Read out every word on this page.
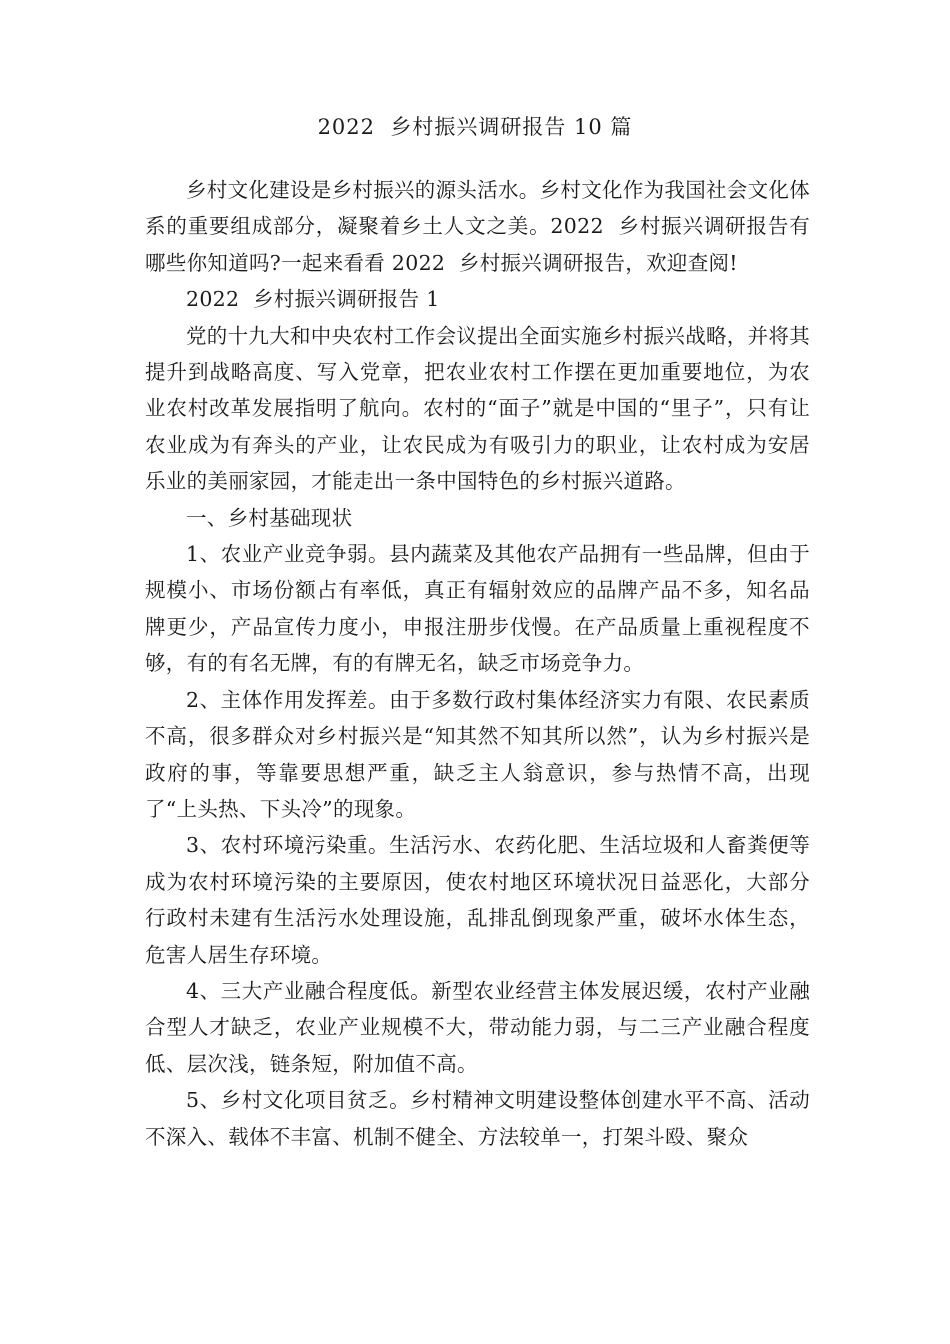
2022  乡村振兴调研报告 10 篇

乡村文化建设是乡村振兴的源头活水。乡村文化作为我国社会文化体系的重要组成部分，凝聚着乡土人文之美。2022  乡村振兴调研报告有哪些你知道吗?一起来看看 2022  乡村振兴调研报告，欢迎查阅!

2022  乡村振兴调研报告 1

党的十九大和中央农村工作会议提出全面实施乡村振兴战略，并将其提升到战略高度、写入党章，把农业农村工作摆在更加重要地位，为农业农村改革发展指明了航向。农村的“面子”就是中国的“里子”，只有让农业成为有奔头的产业，让农民成为有吸引力的职业，让农村成为安居乐业的美丽家园，才能走出一条中国特色的乡村振兴道路。

一、乡村基础现状

1、农业产业竞争弱。县内蔬菜及其他农产品拥有一些品牌，但由于规模小、市场份额占有率低，真正有辐射效应的品牌产品不多，知名品牌更少，产品宣传力度小，申报注册步伐慢。在产品质量上重视程度不够，有的有名无牌，有的有牌无名，缺乏市场竞争力。

2、主体作用发挥差。由于多数行政村集体经济实力有限、农民素质不高，很多群众对乡村振兴是“知其然不知其所以然”，认为乡村振兴是政府的事，等靠要思想严重，缺乏主人翁意识，参与热情不高，出现了“上头热、下头冷”的现象。

3、农村环境污染重。生活污水、农药化肥、生活垃圾和人畜粪便等成为农村环境污染的主要原因，使农村地区环境状况日益恶化，大部分行政村未建有生活污水处理设施，乱排乱倒现象严重，破坏水体生态，危害人居生存环境。

4、三大产业融合程度低。新型农业经营主体发展迟缓，农村产业融合型人才缺乏，农业产业规模不大，带动能力弱，与二三产业融合程度低、层次浅，链条短，附加值不高。

5、乡村文化项目贫乏。乡村精神文明建设整体创建水平不高、活动不深入、载体不丰富、机制不健全、方法较单一，打架斗殴、聚众
